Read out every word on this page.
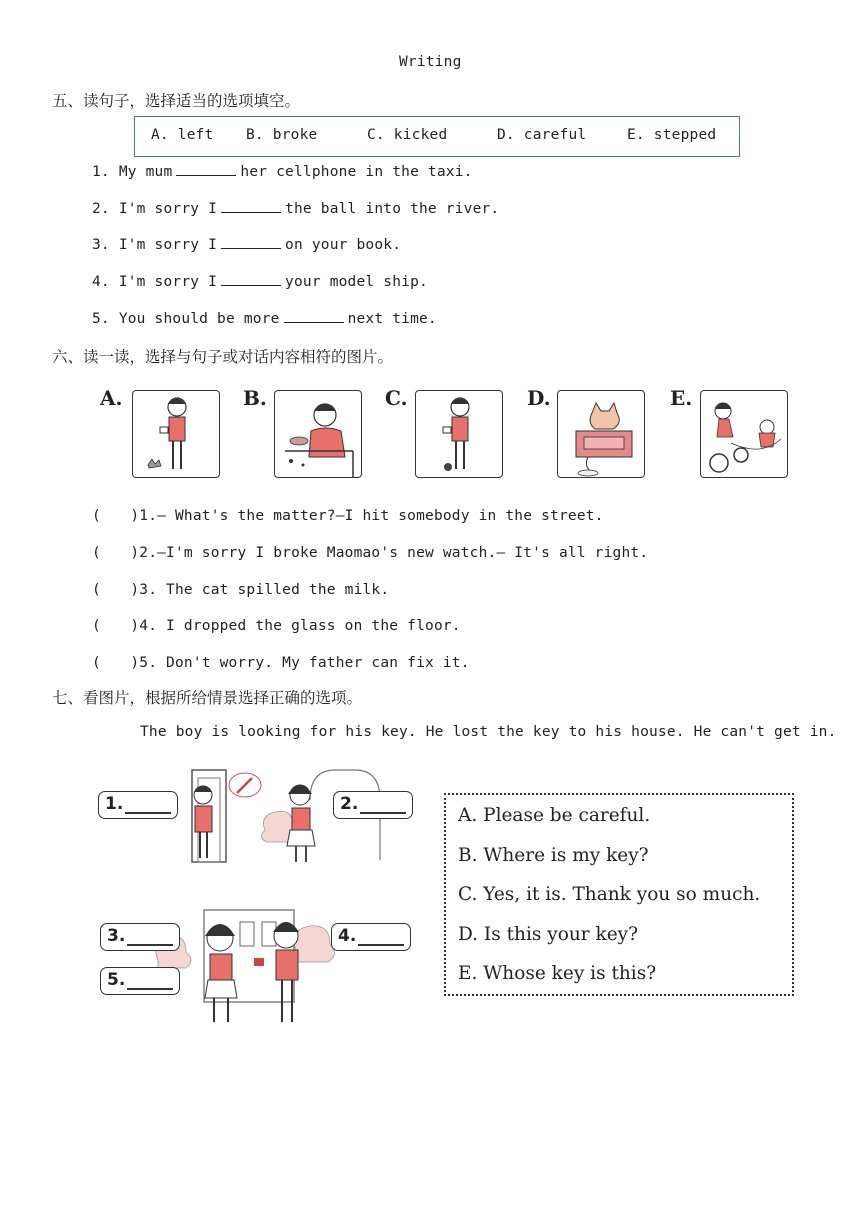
Writing
五、读句子，选择适当的选项填空。
A. left B. broke	C. kicked	D. careful	E. stepped
1. My mum	her cellphone in the taxi.
2. I'm sorry I	the ball into the river.
3. I'm sorry I	on your book.
4. I'm sorry I	your model ship.
5. You should be more	next time.
六、读一读，选择与句子或对话内容相符的图片。
A.	B.	C.	D.	E.
(　　)1.— What's the matter?—I hit somebody in the street.
(　　)2.—I'm sorry I broke Maomao's new watch.— It's all right.
(　　)3. The cat spilled the milk.
(　　)4. I dropped the glass on the floor.
(　　)5. Don't worry. My father can fix it.
七、看图片，根据所给情景选择正确的选项。
The boy is looking for his key. He lost the key to his house. He can't get in.
1.	2.
3.	4.
5.
A. Please be careful.
B. Where is my key?
C. Yes, it is. Thank you so much.
D. Is this your key?
E. Whose key is this?
